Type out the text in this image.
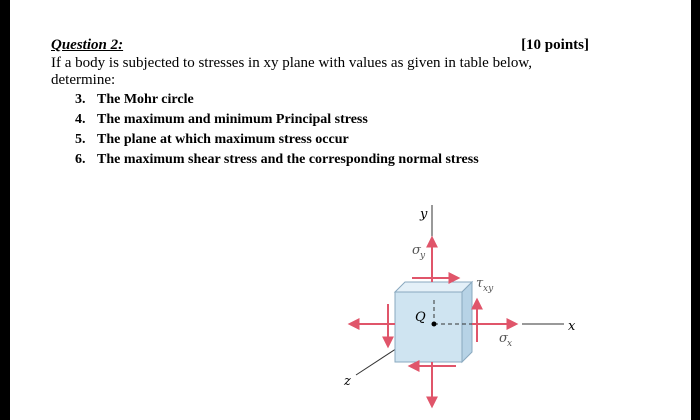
Question 2:	[10 points]
If a body is subjected to stresses in xy plane with values as given in table below,
determine:
3. The Mohr circle
4. The maximum and minimum Principal stress
5. The plane at which maximum stress occur
6. The maximum shear stress and the corresponding normal stress
y
x
z
Q
σ y
σ x
τ xy
